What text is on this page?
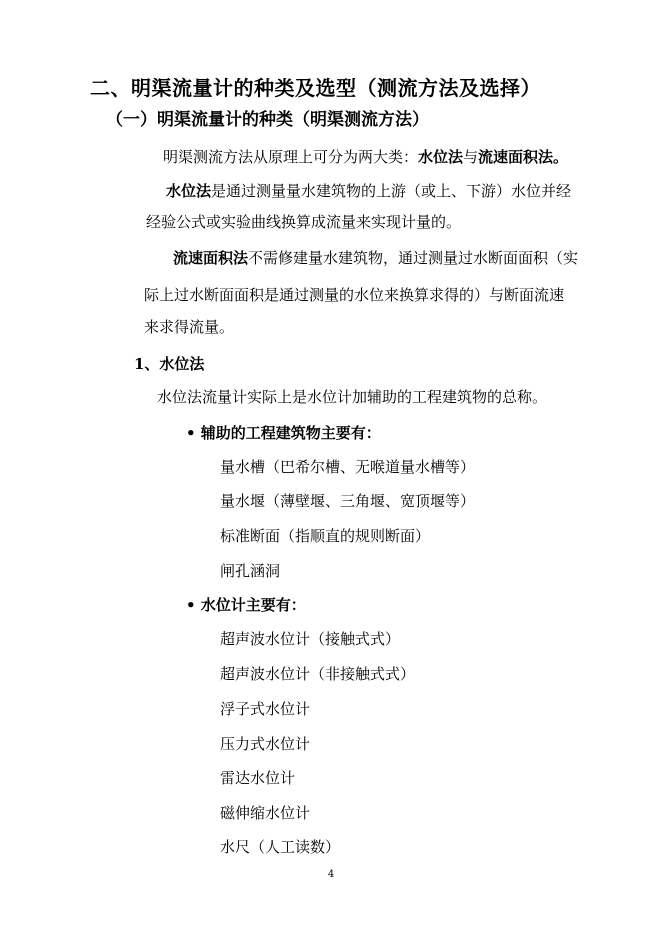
二、明渠流量计的种类及选型（测流方法及选择）
（一）明渠流量计的种类（明渠测流方法）
明渠测流方法从原理上可分为两大类：水位法与流速面积法。
水位法是通过测量量水建筑物的上游（或上、下游）水位并经
经验公式或实验曲线换算成流量来实现计量的。
流速面积法不需修建量水建筑物，通过测量过水断面面积（实
际上过水断面面积是通过测量的水位来换算求得的）与断面流速
来求得流量。
1、水位法
水位法流量计实际上是水位计加辅助的工程建筑物的总称。
• 辅助的工程建筑物主要有：
量水槽（巴希尔槽、无喉道量水槽等）
量水堰（薄壁堰、三角堰、宽顶堰等）
标准断面（指顺直的规则断面）
闸孔涵洞
• 水位计主要有：
超声波水位计（接触式式）
超声波水位计（非接触式式）
浮子式水位计
压力式水位计
雷达水位计
磁伸缩水位计
水尺（人工读数）
4
